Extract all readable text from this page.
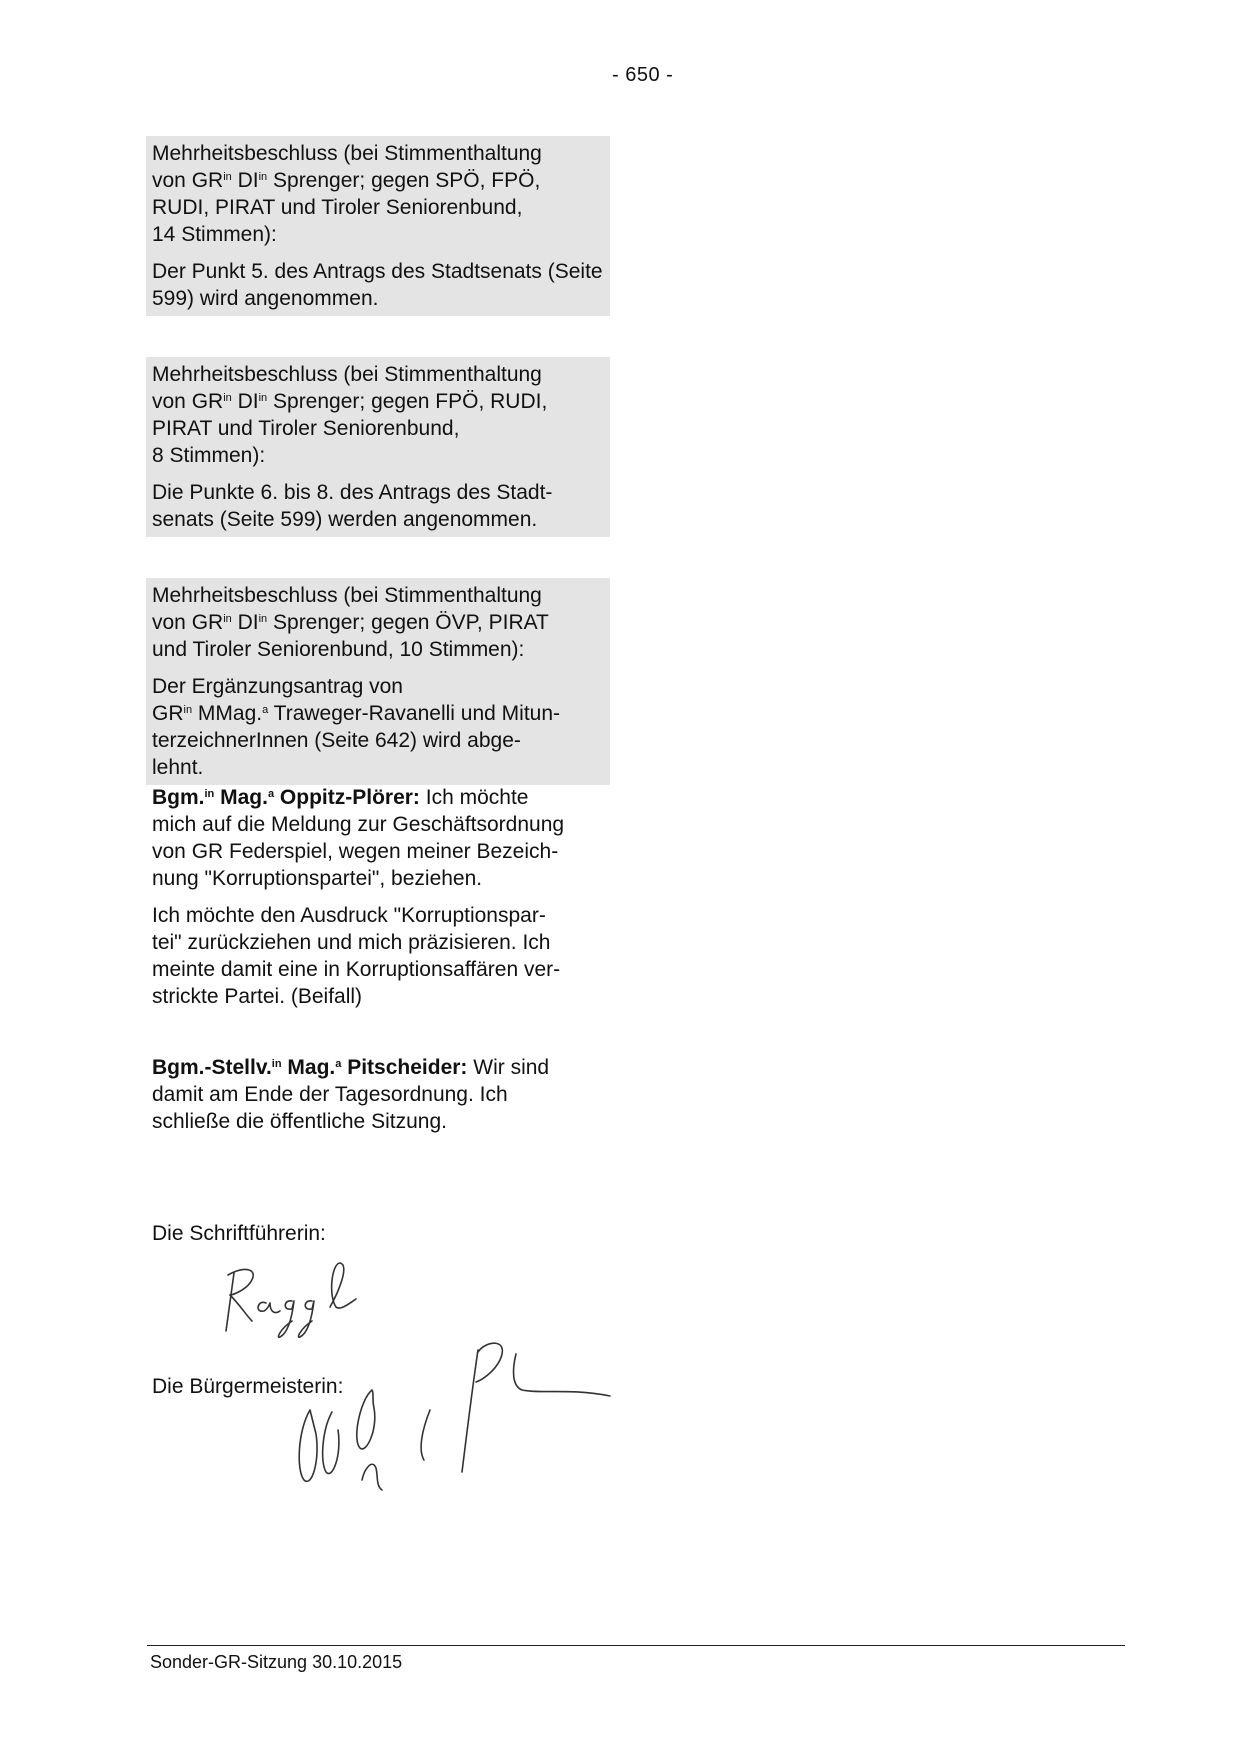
- 650 -

Mehrheitsbeschluss (bei Stimmenthaltung
von $GR^{in}$ $DI^{in}$ Sprenger; gegen SPÖ, FPÖ,
RUDI, PIRAT und Tiroler Seniorenbund,
14 Stimmen):

Der Punkt 5. des Antrags des Stadtsenats (Seite 599) wird angenommen.

Mehrheitsbeschluss (bei Stimmenthaltung
von $GR^{in}$ $DI^{in}$ Sprenger; gegen FPÖ, RUDI,
PIRAT und Tiroler Seniorenbund,
8 Stimmen):

Die Punkte 6. bis 8. des Antrags des Stadt-
senats (Seite 599) werden angenommen.

Mehrheitsbeschluss (bei Stimmenthaltung
von $GR^{in}$ $DI^{in}$ Sprenger; gegen ÖVP, PIRAT
und Tiroler Seniorenbund, 10 Stimmen):

Der Ergänzungsantrag von
$GR^{in}$ MMag.$^a$ Traweger-Ravanelli und Mitun-
terzeichnerInnen (Seite 642) wird abge-
lehnt.

Bgm.$^{in}$ Mag.$^a$ Oppitz-Plörer: Ich möchte
mich auf die Meldung zur Geschäftsordnung
von GR Federspiel, wegen meiner Bezeich-
nung "Korruptionspartei", beziehen.

Ich möchte den Ausdruck "Korruptionspar-
tei" zurückziehen und mich präzisieren. Ich
meinte damit eine in Korruptionsaffären ver-
strickte Partei. (Beifall)

Bgm.-Stellv.$^{in}$ Mag.$^a$ Pitscheider: Wir sind
damit am Ende der Tagesordnung. Ich
schließe die öffentliche Sitzung.

Die Schriftführerin:
Die Bürgermeisterin:
Sonder-GR-Sitzung 30.10.2015
